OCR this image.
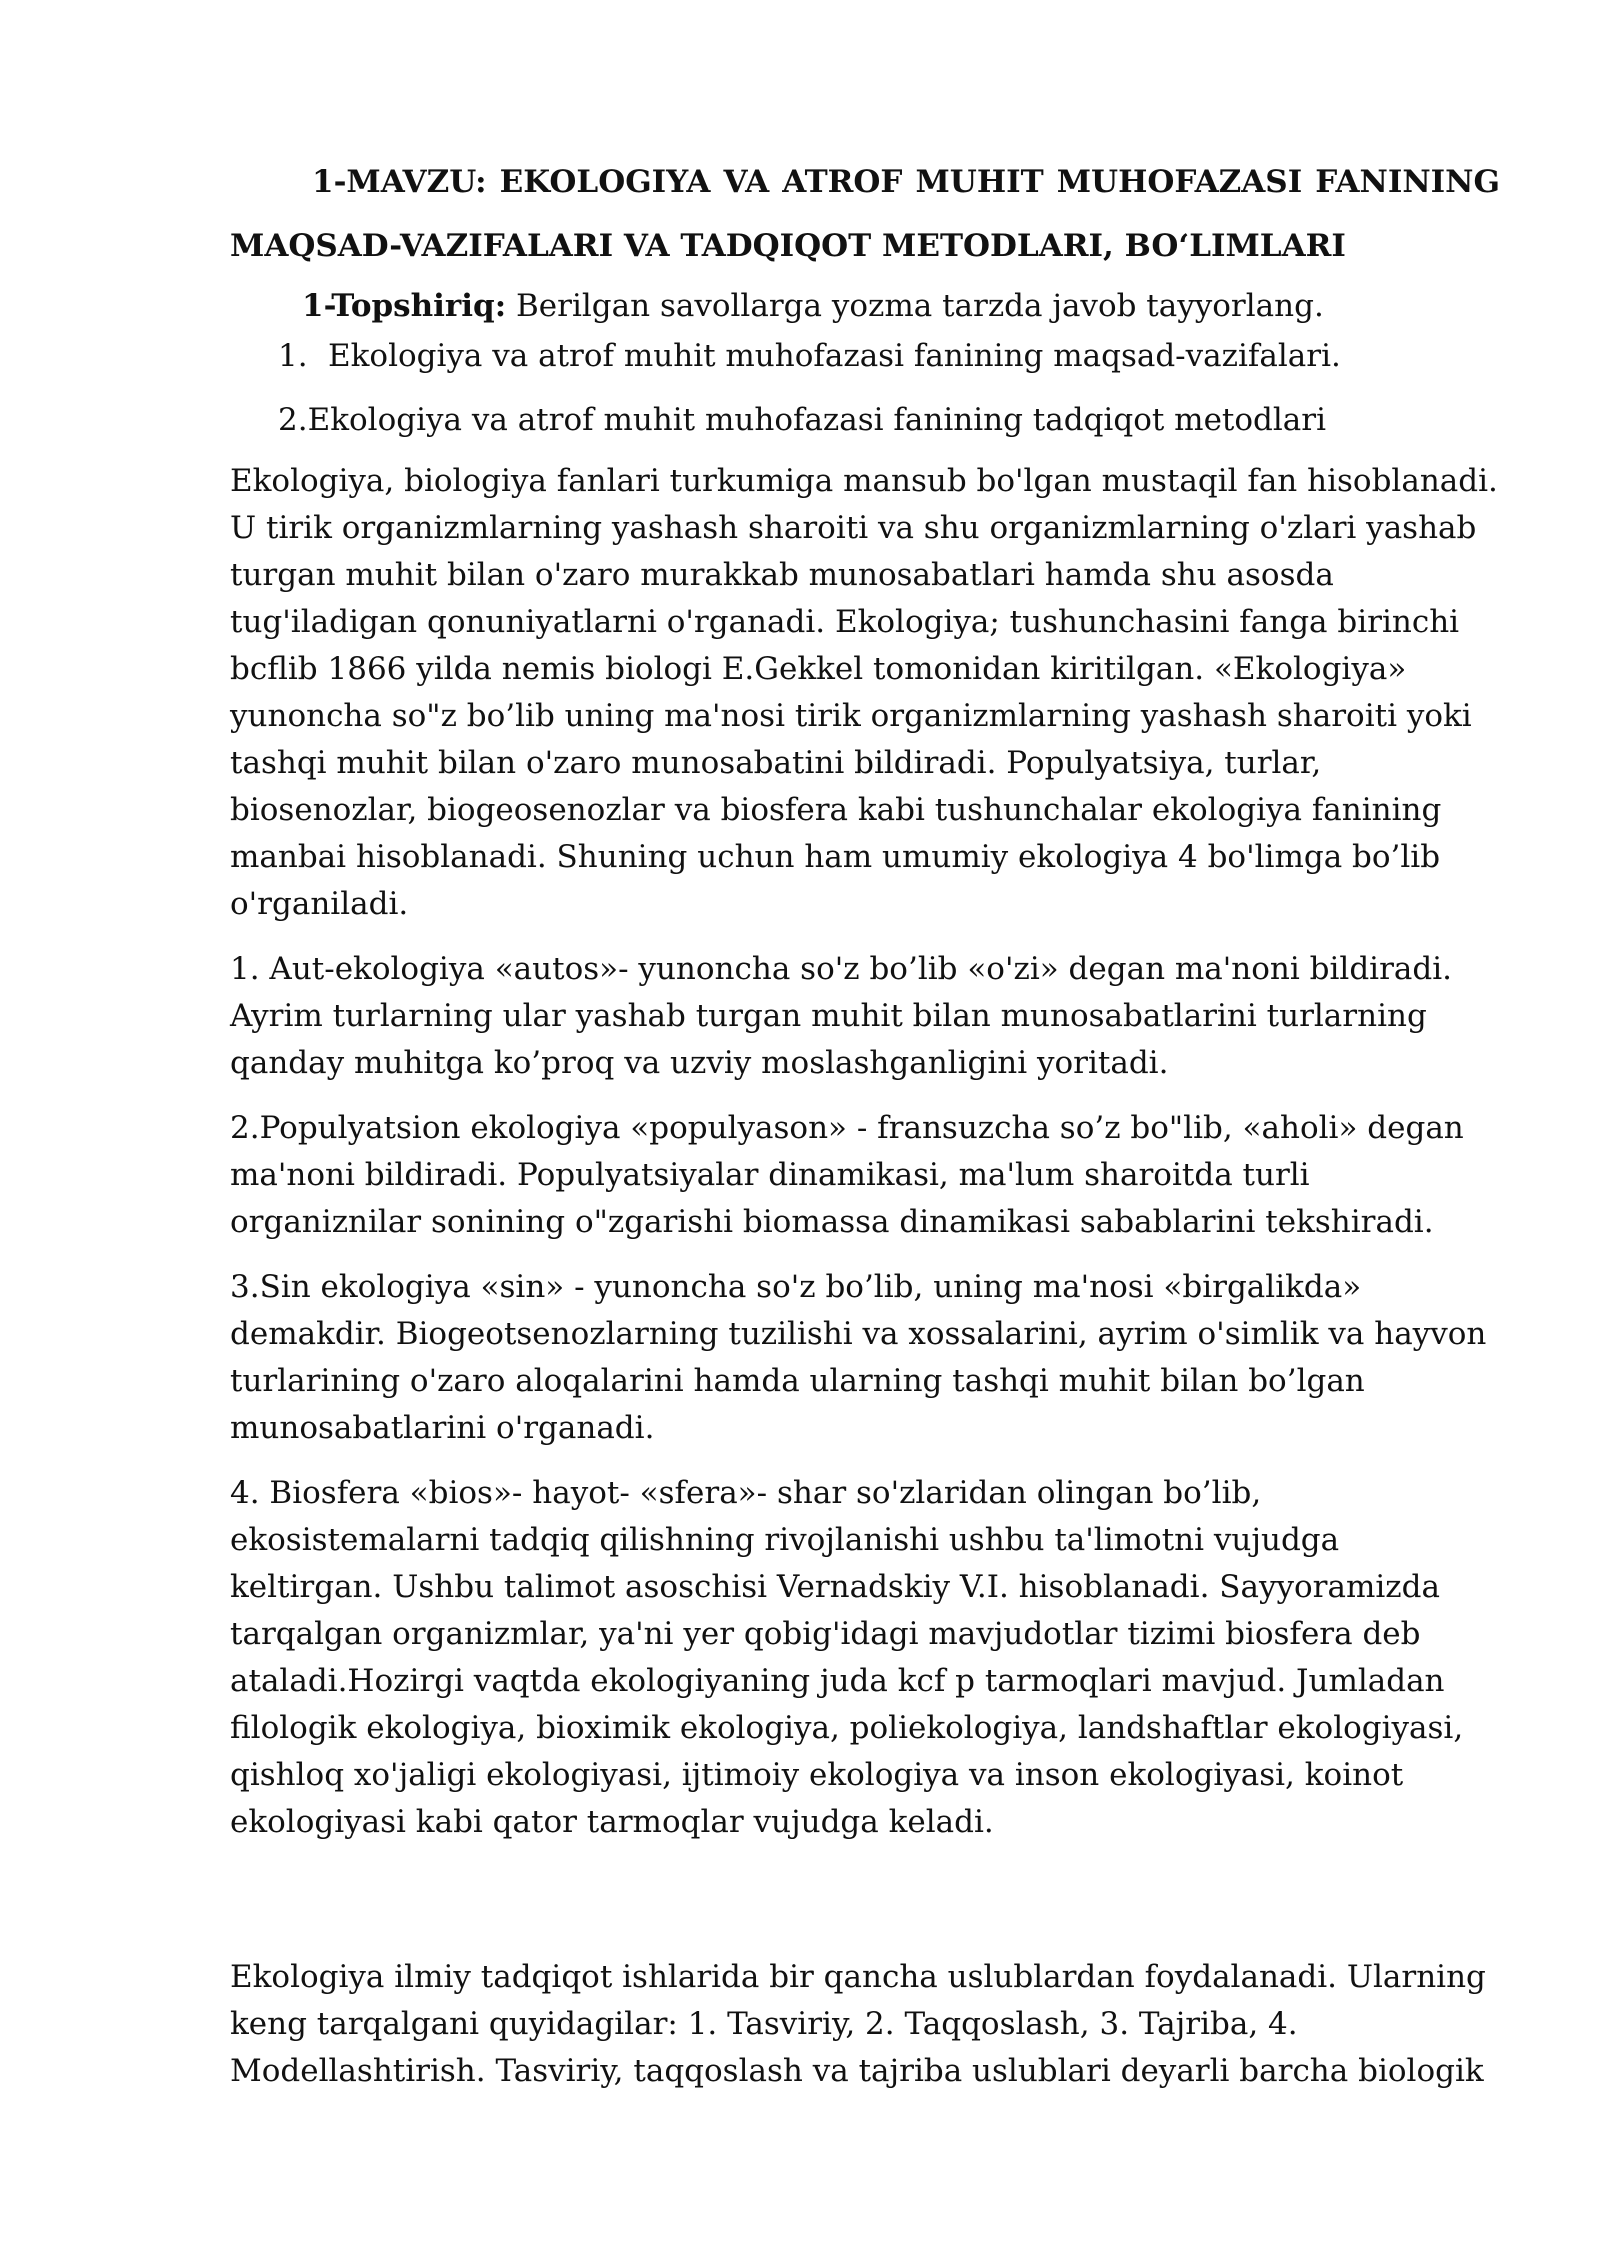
1-MAVZU: EKOLOGIYA VA ATROF MUHIT MUHOFAZASI FANINING
MAQSAD-VAZIFALARI VA TADQIQOT METODLARI, BO‘LIMLARI

1-Topshiriq: Berilgan savollarga yozma tarzda javob tayyorlang.

1. Ekologiya va atrof muhit muhofazasi fanining maqsad-vazifalari.
2.Ekologiya va atrof muhit muhofazasi fanining tadqiqot metodlari

Ekologiya, biologiya fanlari turkumiga mansub bo'lgan mustaqil fan hisoblanadi. U tirik organizmlarning yashash sharoiti va shu organizmlarning o'zlari yashab turgan muhit bilan o'zaro murakkab munosabatlari hamda shu asosda tug'iladigan qonuniyatlarni o'rganadi. Ekologiya; tushunchasini fanga birinchi bcflib 1866 yilda nemis biologi E.Gekkel tomonidan kiritilgan. «Ekologiya» yunoncha so"z bo’lib uning ma'nosi tirik organizmlarning yashash sharoiti yoki tashqi muhit bilan o'zaro munosabatini bildiradi. Populyatsiya, turlar, biosenozlar, biogeosenozlar va biosfera kabi tushunchalar ekologiya fanining manbai hisoblanadi. Shuning uchun ham umumiy ekologiya 4 bo'limga bo’lib o'rganiladi.

1. Aut-ekologiya «autos»- yunoncha so'z bo’lib «o'zi» degan ma'noni bildiradi. Ayrim turlarning ular yashab turgan muhit bilan munosabatlarini turlarning qanday muhitga ko’proq va uzviy moslashganligini yoritadi.

2.Populyatsion ekologiya «populyason» - fransuzcha so’z bo"lib, «aholi» degan ma'noni bildiradi. Populyatsiyalar dinamikasi, ma'lum sharoitda turli organiznilar sonining o"zgarishi biomassa dinamikasi sabablarini tekshiradi.

3.Sin ekologiya «sin» - yunoncha so'z bo’lib, uning ma'nosi «birgalikda» demakdir. Biogeotsenozlarning tuzilishi va xossalarini, ayrim o'simlik va hayvon turlarining o'zaro aloqalarini hamda ularning tashqi muhit bilan bo’lgan munosabatlarini o'rganadi.

4. Biosfera «bios»- hayot- «sfera»- shar so'zlaridan olingan bo’lib, ekosistemalarni tadqiq qilishning rivojlanishi ushbu ta'limotni vujudga keltirgan. Ushbu talimot asoschisi Vernadskiy V.I. hisoblanadi. Sayyoramizda tarqalgan organizmlar, ya'ni yer qobig'idagi mavjudotlar tizimi biosfera deb ataladi.Hozirgi vaqtda ekologiyaning juda kcf p tarmoqlari mavjud. Jumladan filologik ekologiya, bioximik ekologiya, poliekologiya, landshaftlar ekologiyasi, qishloq xo'jaligi ekologiyasi, ijtimoiy ekologiya va inson ekologiyasi, koinot ekologiyasi kabi qator tarmoqlar vujudga keladi.

Ekologiya ilmiy tadqiqot ishlarida bir qancha uslublardan foydalanadi. Ularning keng tarqalgani quyidagilar: 1. Tasviriy, 2. Taqqoslash, 3. Tajriba, 4. Modellashtirish. Tasviriy, taqqoslash va tajriba uslublari deyarli barcha biologik
